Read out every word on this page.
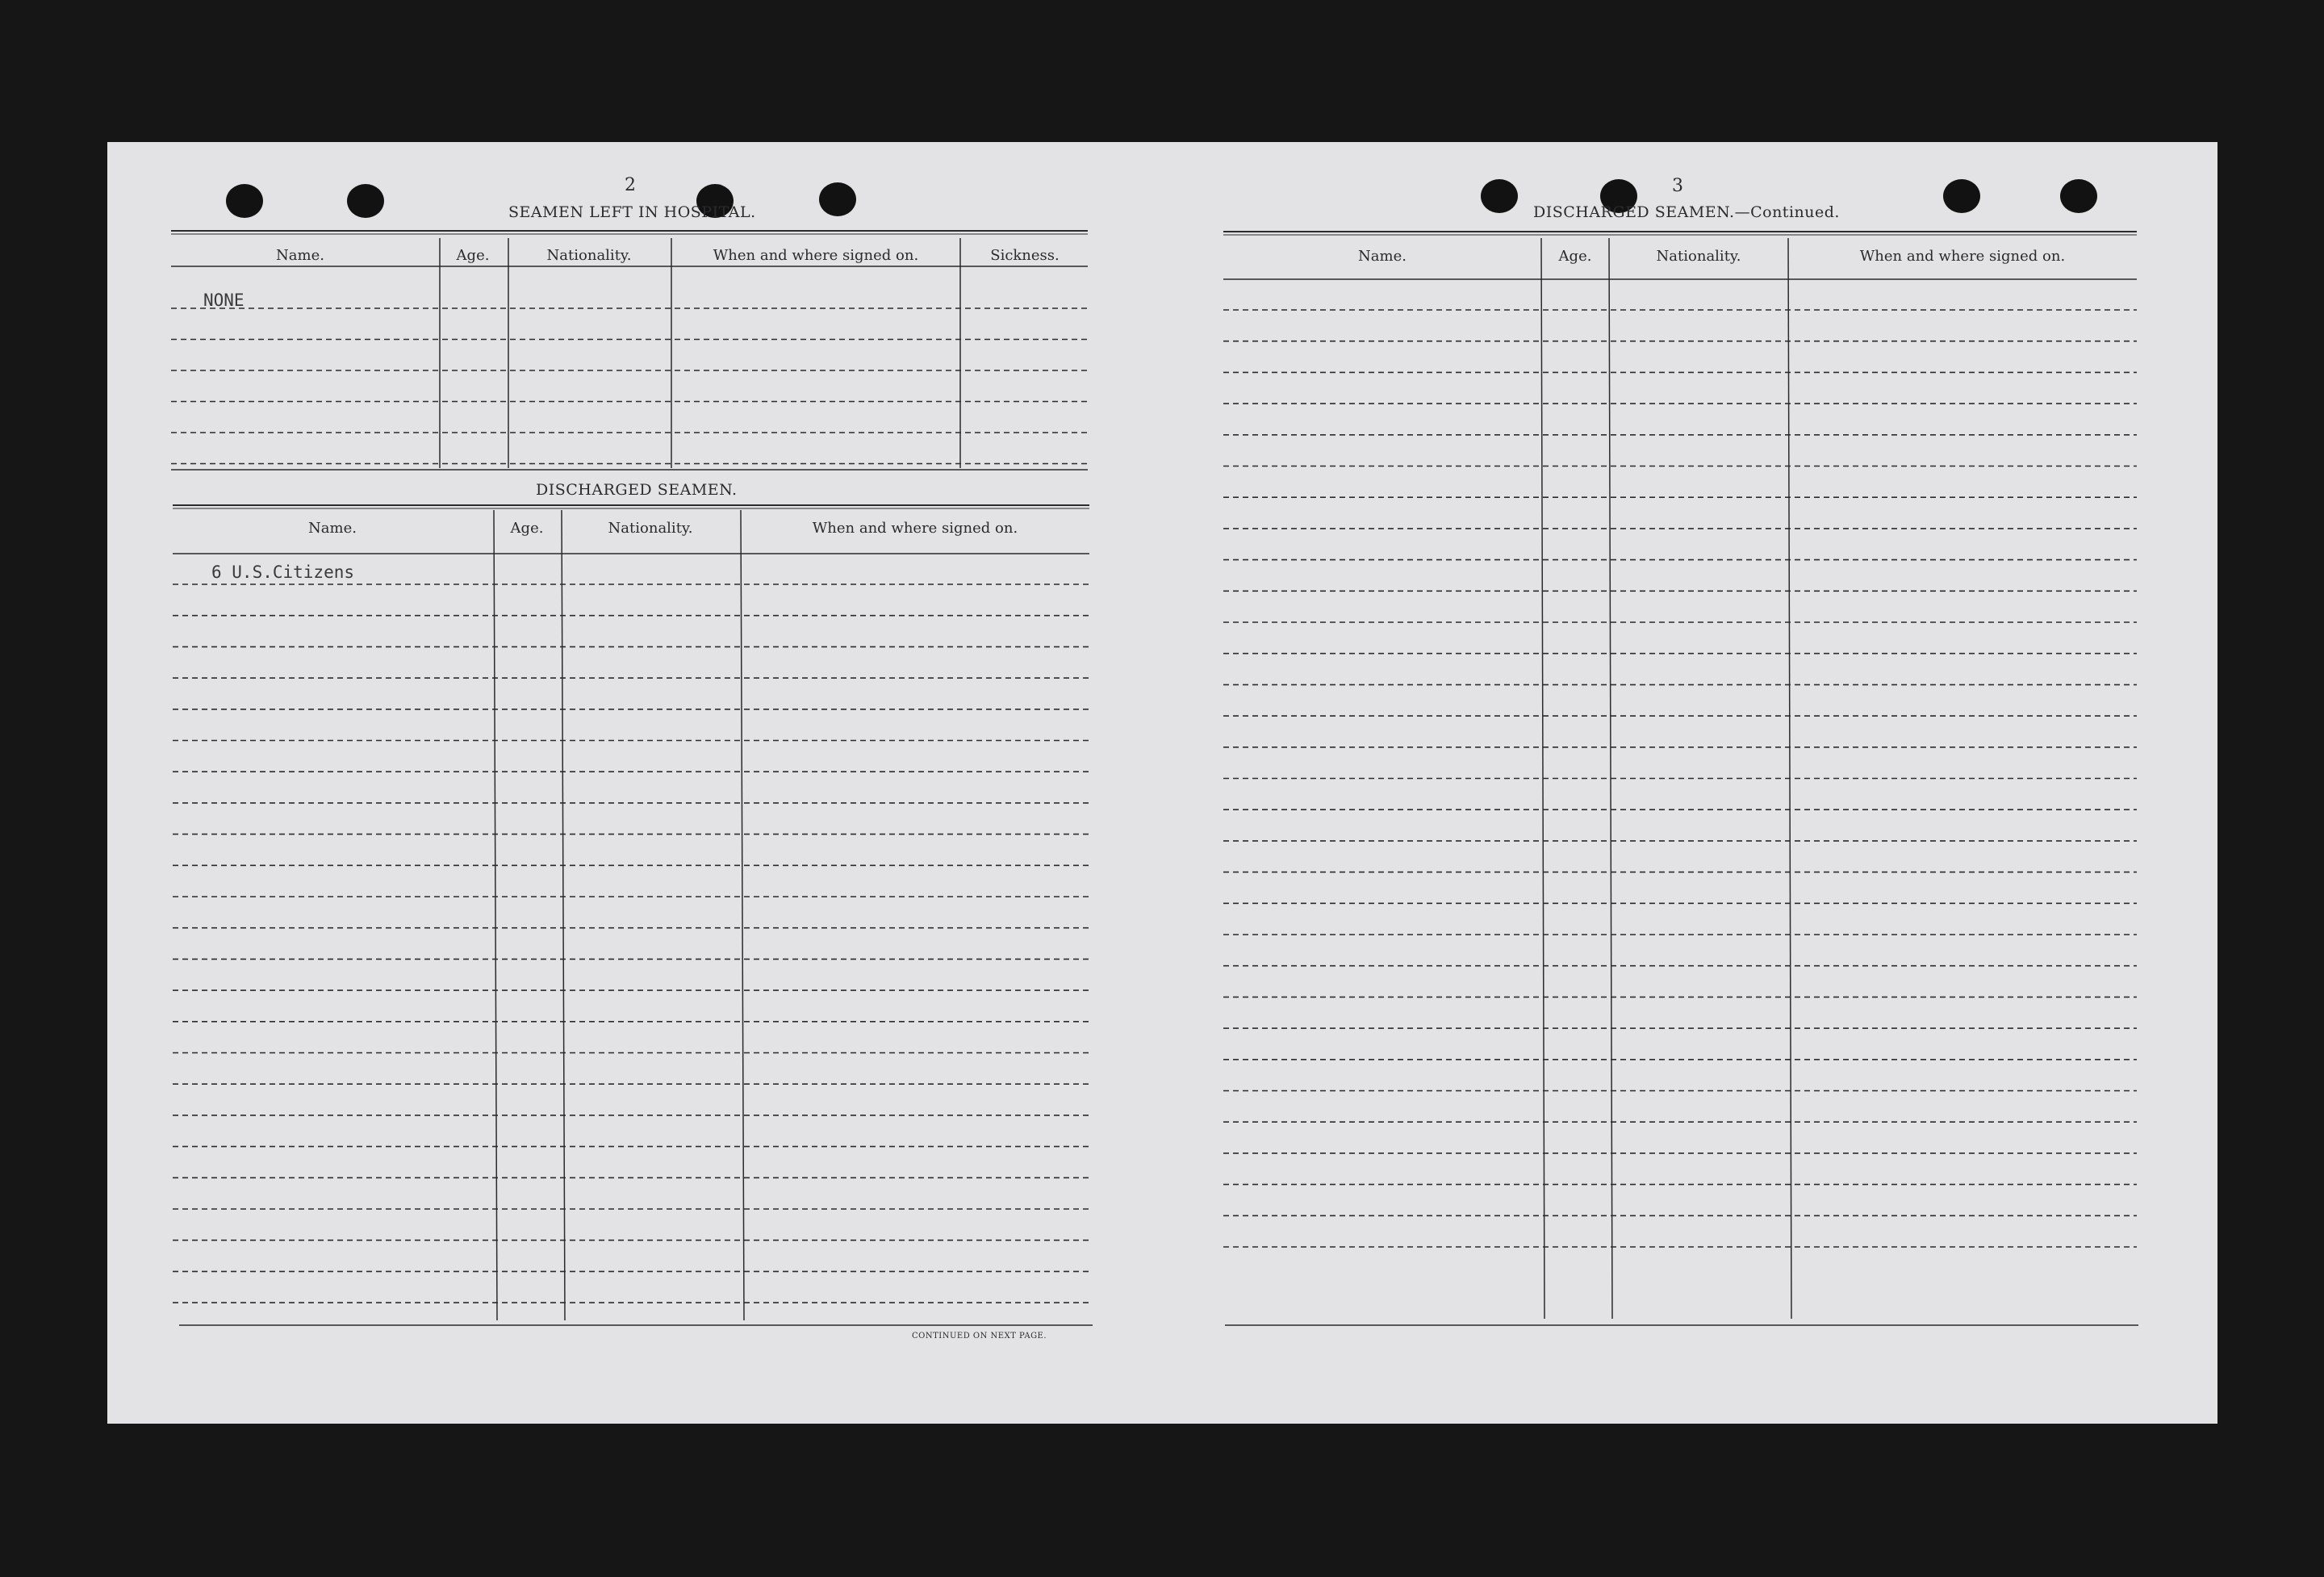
2
SEAMEN LEFT IN HOSPITAL.
Name.	Age.	Nationality.	When and where signed on.	Sickness.
NONE
DISCHARGED SEAMEN.
Name.	Age.	Nationality.	When and where signed on.
6 U.S.Citizens
CONTINUED ON NEXT PAGE.
3
DISCHARGED SEAMEN.—Continued.
Name.	Age.	Nationality.	When and where signed on.
